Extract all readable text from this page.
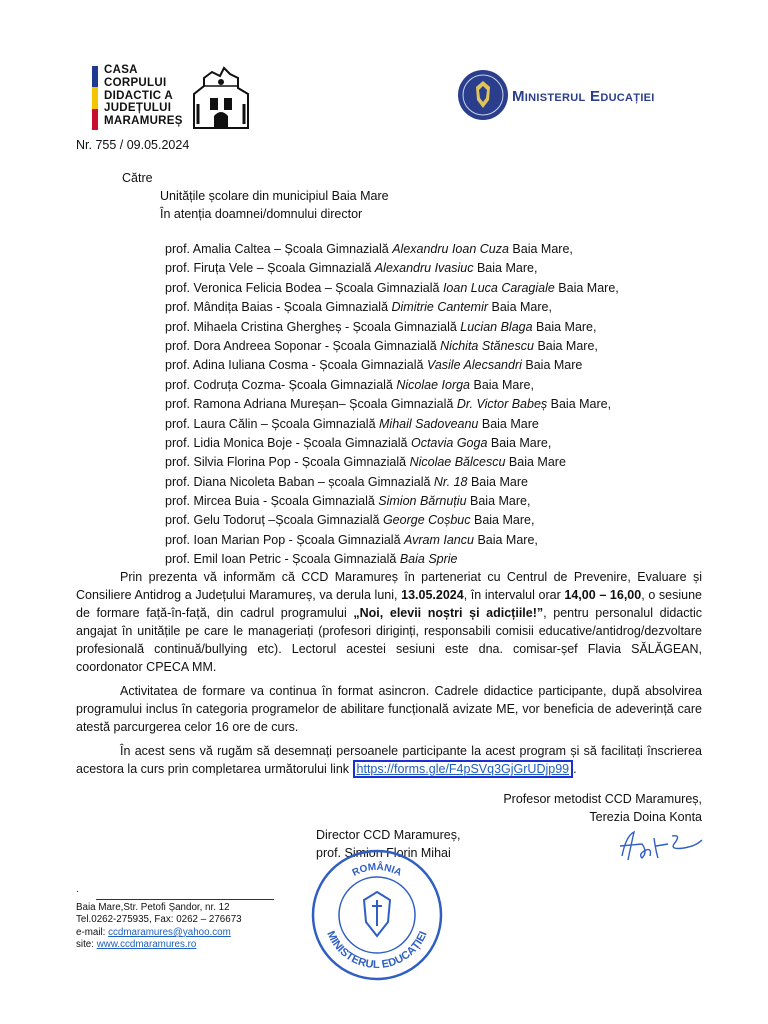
CASA
CORPULUI
DIDACTIC A
JUDEȚULUI
MARAMUREȘ
Ministerul Educației
Nr. 755 / 09.05.2024
Către
Unitățile școlare din municipiul Baia Mare
În atenția doamnei/domnului director
prof. Amalia Caltea – Școala Gimnazială Alexandru Ioan Cuza Baia Mare,
prof. Firuța Vele – Școala Gimnazială Alexandru Ivasiuc Baia Mare,
prof. Veronica Felicia Bodea – Școala Gimnazială Ioan Luca Caragiale Baia Mare,
prof. Mândița Baias - Școala Gimnazială Dimitrie Cantemir Baia Mare,
prof. Mihaela Cristina Ghergheș - Școala Gimnazială Lucian Blaga Baia Mare,
prof. Dora Andreea Soponar - Școala Gimnazială Nichita Stănescu Baia Mare,
prof. Adina Iuliana Cosma - Școala Gimnazială Vasile Alecsandri Baia Mare
prof. Codruța Cozma- Școala Gimnazială Nicolae Iorga Baia Mare,
prof. Ramona Adriana Mureșan– Școala Gimnazială Dr. Victor Babeș Baia Mare,
prof. Laura Călin – Școala Gimnazială Mihail Sadoveanu Baia Mare
prof. Lidia Monica Boje - Școala Gimnazială Octavia Goga Baia Mare,
prof. Silvia Florina Pop - Școala Gimnazială Nicolae Bălcescu Baia Mare
prof. Diana Nicoleta Baban – școala Gimnazială Nr. 18 Baia Mare
prof. Mircea Buia - Școala Gimnazială Simion Bărnuțiu Baia Mare,
prof. Gelu Todoruț –Școala Gimnazială George Coșbuc Baia Mare,
prof. Ioan Marian Pop - Școala Gimnazială Avram Iancu Baia Mare,
prof. Emil Ioan Petric - Școala Gimnazială Baia Sprie

Prin prezenta vă informăm că CCD Maramureș în parteneriat cu Centrul de Prevenire, Evaluare și Consiliere Antidrog a Județului Maramureș, va derula luni, 13.05.2024, în intervalul orar 14,00 – 16,00, o sesiune de formare față-în-față, din cadrul programului „Noi, elevii noștri și adicțiile!”, pentru personalul didactic angajat în unitățile pe care le manageriați (profesori diriginți, responsabili comisii educative/antidrog/dezvoltare profesională continuă/bullying etc). Lectorul acestei sesiuni este dna. comisar-șef Flavia SĂLĂGEAN, coordonator CPECA MM.

Activitatea de formare va continua în format asincron. Cadrele didactice participante, după absolvirea programului inclus în categoria programelor de abilitare funcțională avizate ME, vor beneficia de adeverință care atestă parcurgerea celor 16 ore de curs.

În acest sens vă rugăm să desemnați persoanele participante la acest program și să facilitați înscrierea acestora la curs prin completarea următorului link https://forms.gle/F4pSVq3GjGrUDjp99 .

Profesor metodist CCD Maramureș,
Terezia Doina Konta
Director CCD Maramureș,
prof. Simion Florin Mihai
ROMÂNIA
MINISTERUL EDUCAȚIEI
.
Baia Mare,Str. Petofi Șandor, nr. 12
Tel.0262-275935, Fax: 0262 – 276673
e-mail: ccdmaramures@yahoo.com
site: www.ccdmaramures.ro
